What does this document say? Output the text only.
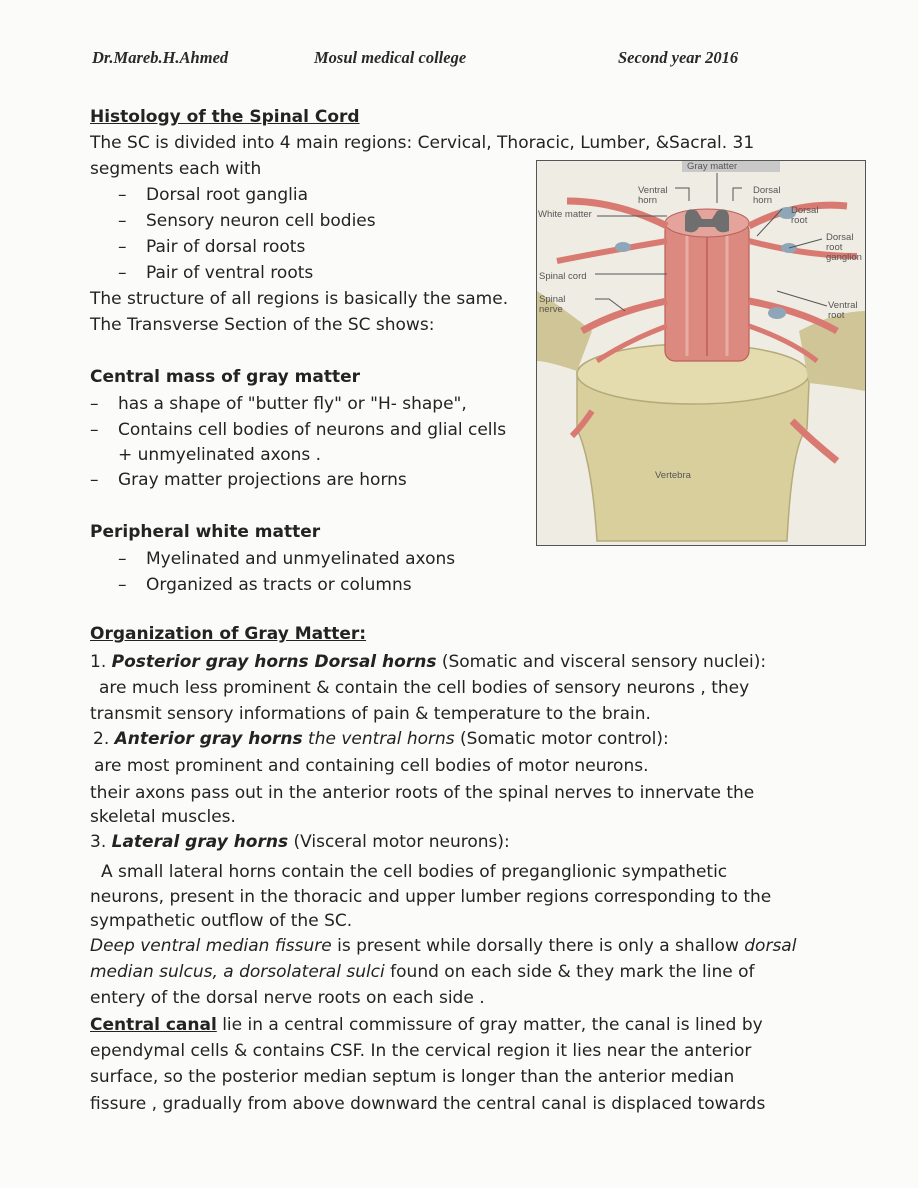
Dr.Mareb.H.Ahmed	Mosul medical college	Second year 2016
Histology of the Spinal Cord
The SC is divided into 4 main regions: Cervical, Thoracic, Lumber, &Sacral. 31
segments each with
– Dorsal root ganglia
– Sensory neuron cell bodies
– Pair of dorsal roots
– Pair of ventral roots
The structure of all regions is basically the same.
The Transverse Section of the SC shows:
Central mass of gray matter
– has a shape of "butter fly" or "H- shape",
– Contains cell bodies of neurons and glial cells
+ unmyelinated axons .
– Gray matter projections are horns
Peripheral white matter
– Myelinated and unmyelinated axons
– Organized as tracts or columns
Gray matter
Ventral
horn
Dorsal
horn
White matter	Dorsal
root
Dorsal
root
ganglion
Spinal cord
Spinal
nerve	Ventral
root
Vertebra
Organization of Gray Matter:
1. Posterior gray horns Dorsal horns (Somatic and visceral sensory nuclei):
are much less prominent & contain the cell bodies of sensory neurons , they
transmit sensory informations of pain & temperature to the brain.
2. Anterior gray horns the ventral horns (Somatic motor control):
are most prominent and containing cell bodies of motor neurons.
their axons pass out in the anterior roots of the spinal nerves to innervate the
skeletal muscles.
3. Lateral gray horns (Visceral motor neurons):
A small lateral horns contain the cell bodies of preganglionic sympathetic
neurons, present in the thoracic and upper lumber regions corresponding to the
sympathetic outflow of the SC.
Deep ventral median fissure is present while dorsally there is only a shallow dorsal
median sulcus, a dorsolateral sulci found on each side & they mark the line of
entery of the dorsal nerve roots on each side .
Central canal lie in a central commissure of gray matter, the canal is lined by
ependymal cells & contains CSF. In the cervical region it lies near the anterior
surface, so the posterior median septum is longer than the anterior median
fissure , gradually from above downward the central canal is displaced towards
